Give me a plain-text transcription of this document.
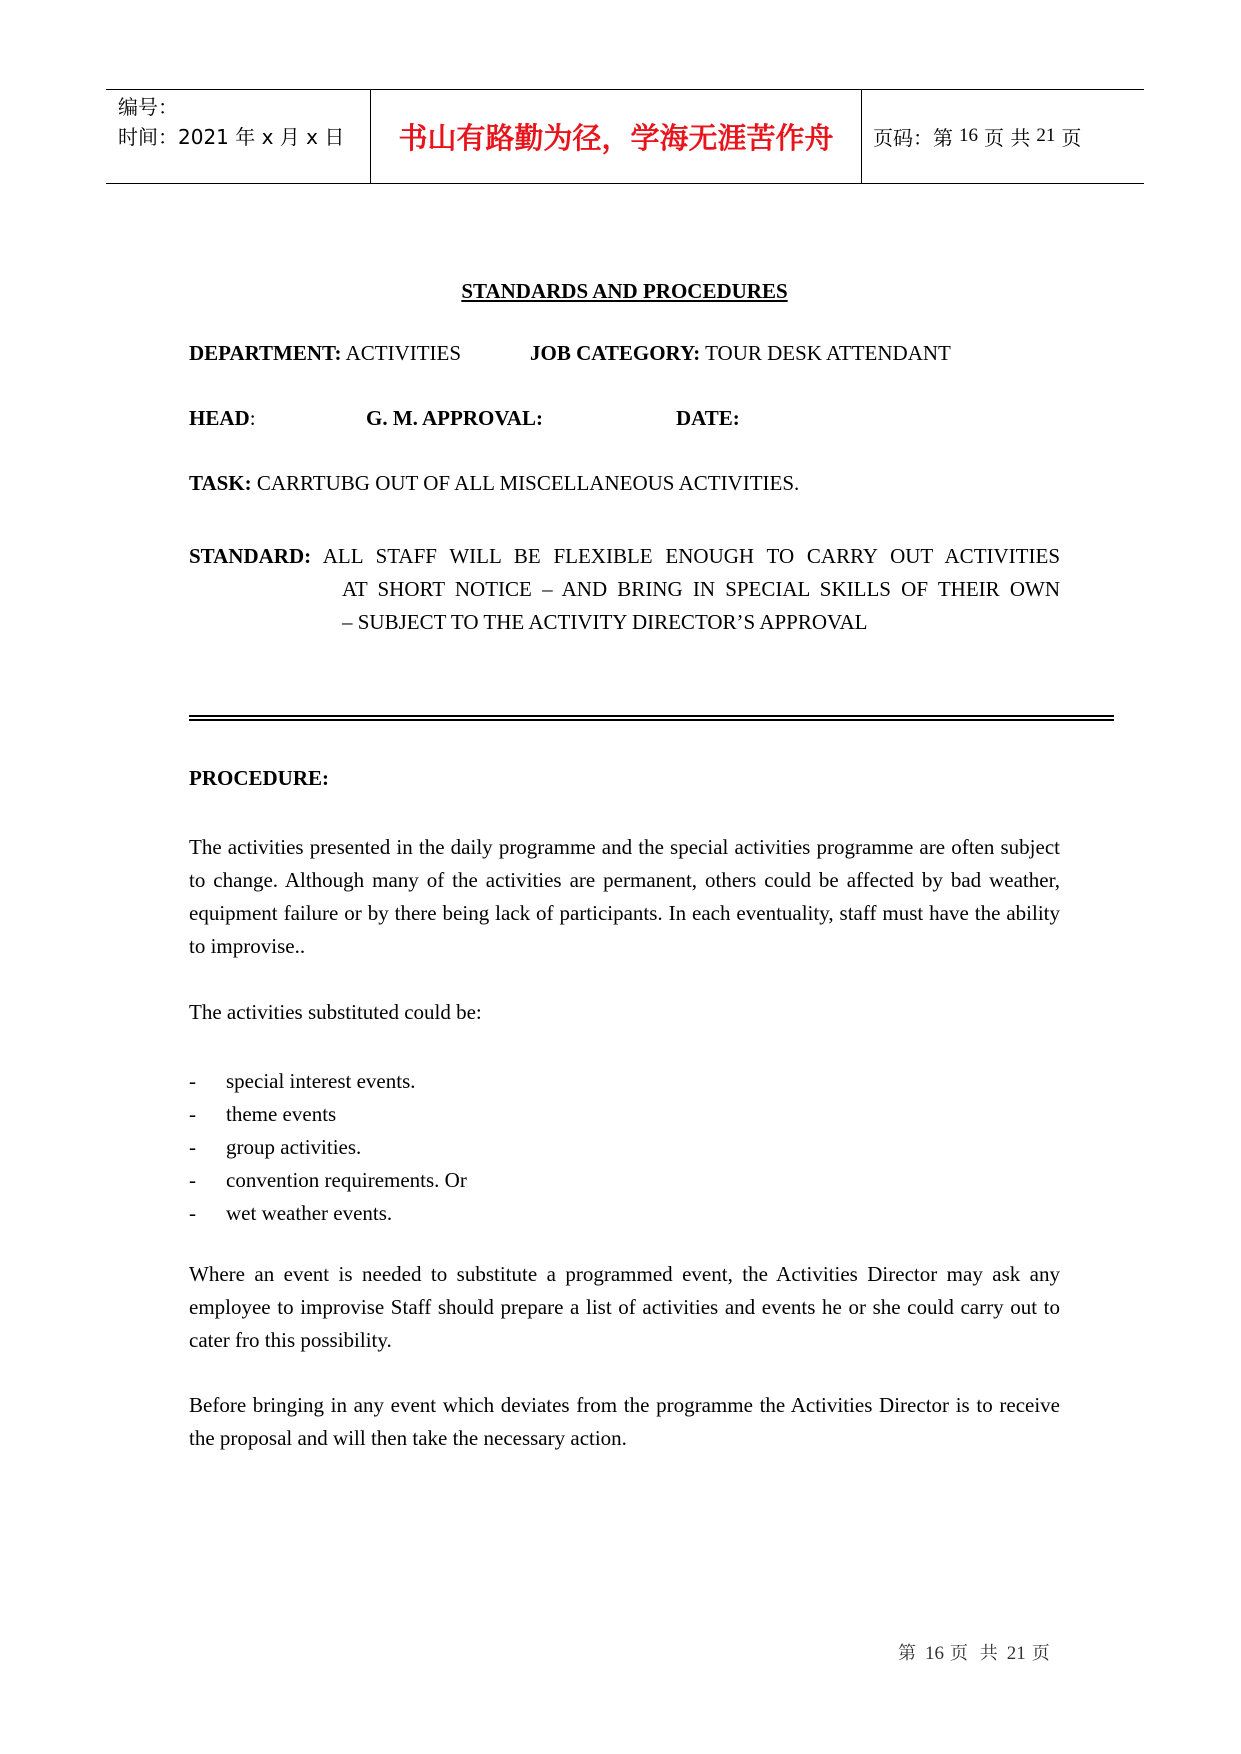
编号：
时间：2021 年 x 月 x 日	书山有路勤为径，学海无涯苦作舟	页码：第 16 页 共 21 页
STANDARDS AND PROCEDURES
DEPARTMENT: ACTIVITIES	JOB CATEGORY: TOUR DESK ATTENDANT
HEAD:	G. M. APPROVAL:	DATE:
TASK: CARRTUBG OUT OF ALL MISCELLANEOUS ACTIVITIES.
STANDARD: ALL STAFF WILL BE FLEXIBLE ENOUGH TO CARRY OUT ACTIVITIES
AT SHORT NOTICE – AND BRING IN SPECIAL SKILLS OF THEIR OWN
– SUBJECT TO THE ACTIVITY DIRECTOR’S APPROVAL
PROCEDURE:

The activities presented in the daily programme and the special activities programme are often subject to change. Although many of the activities are permanent, others could be affected by bad weather, equipment failure or by there being lack of participants. In each eventuality, staff must have the ability to improvise..

The activities substituted could be:

-	special interest events.
-	theme events
-	group activities.
-	convention requirements. Or
-	wet weather events.

Where an event is needed to substitute a programmed event, the Activities Director may ask any employee to improvise Staff should prepare a list of activities and events he or she could carry out to cater fro this possibility.

Before bringing in any event which deviates from the programme the Activities Director is to receive the proposal and will then take the necessary action.

第 16 页 共 21 页
